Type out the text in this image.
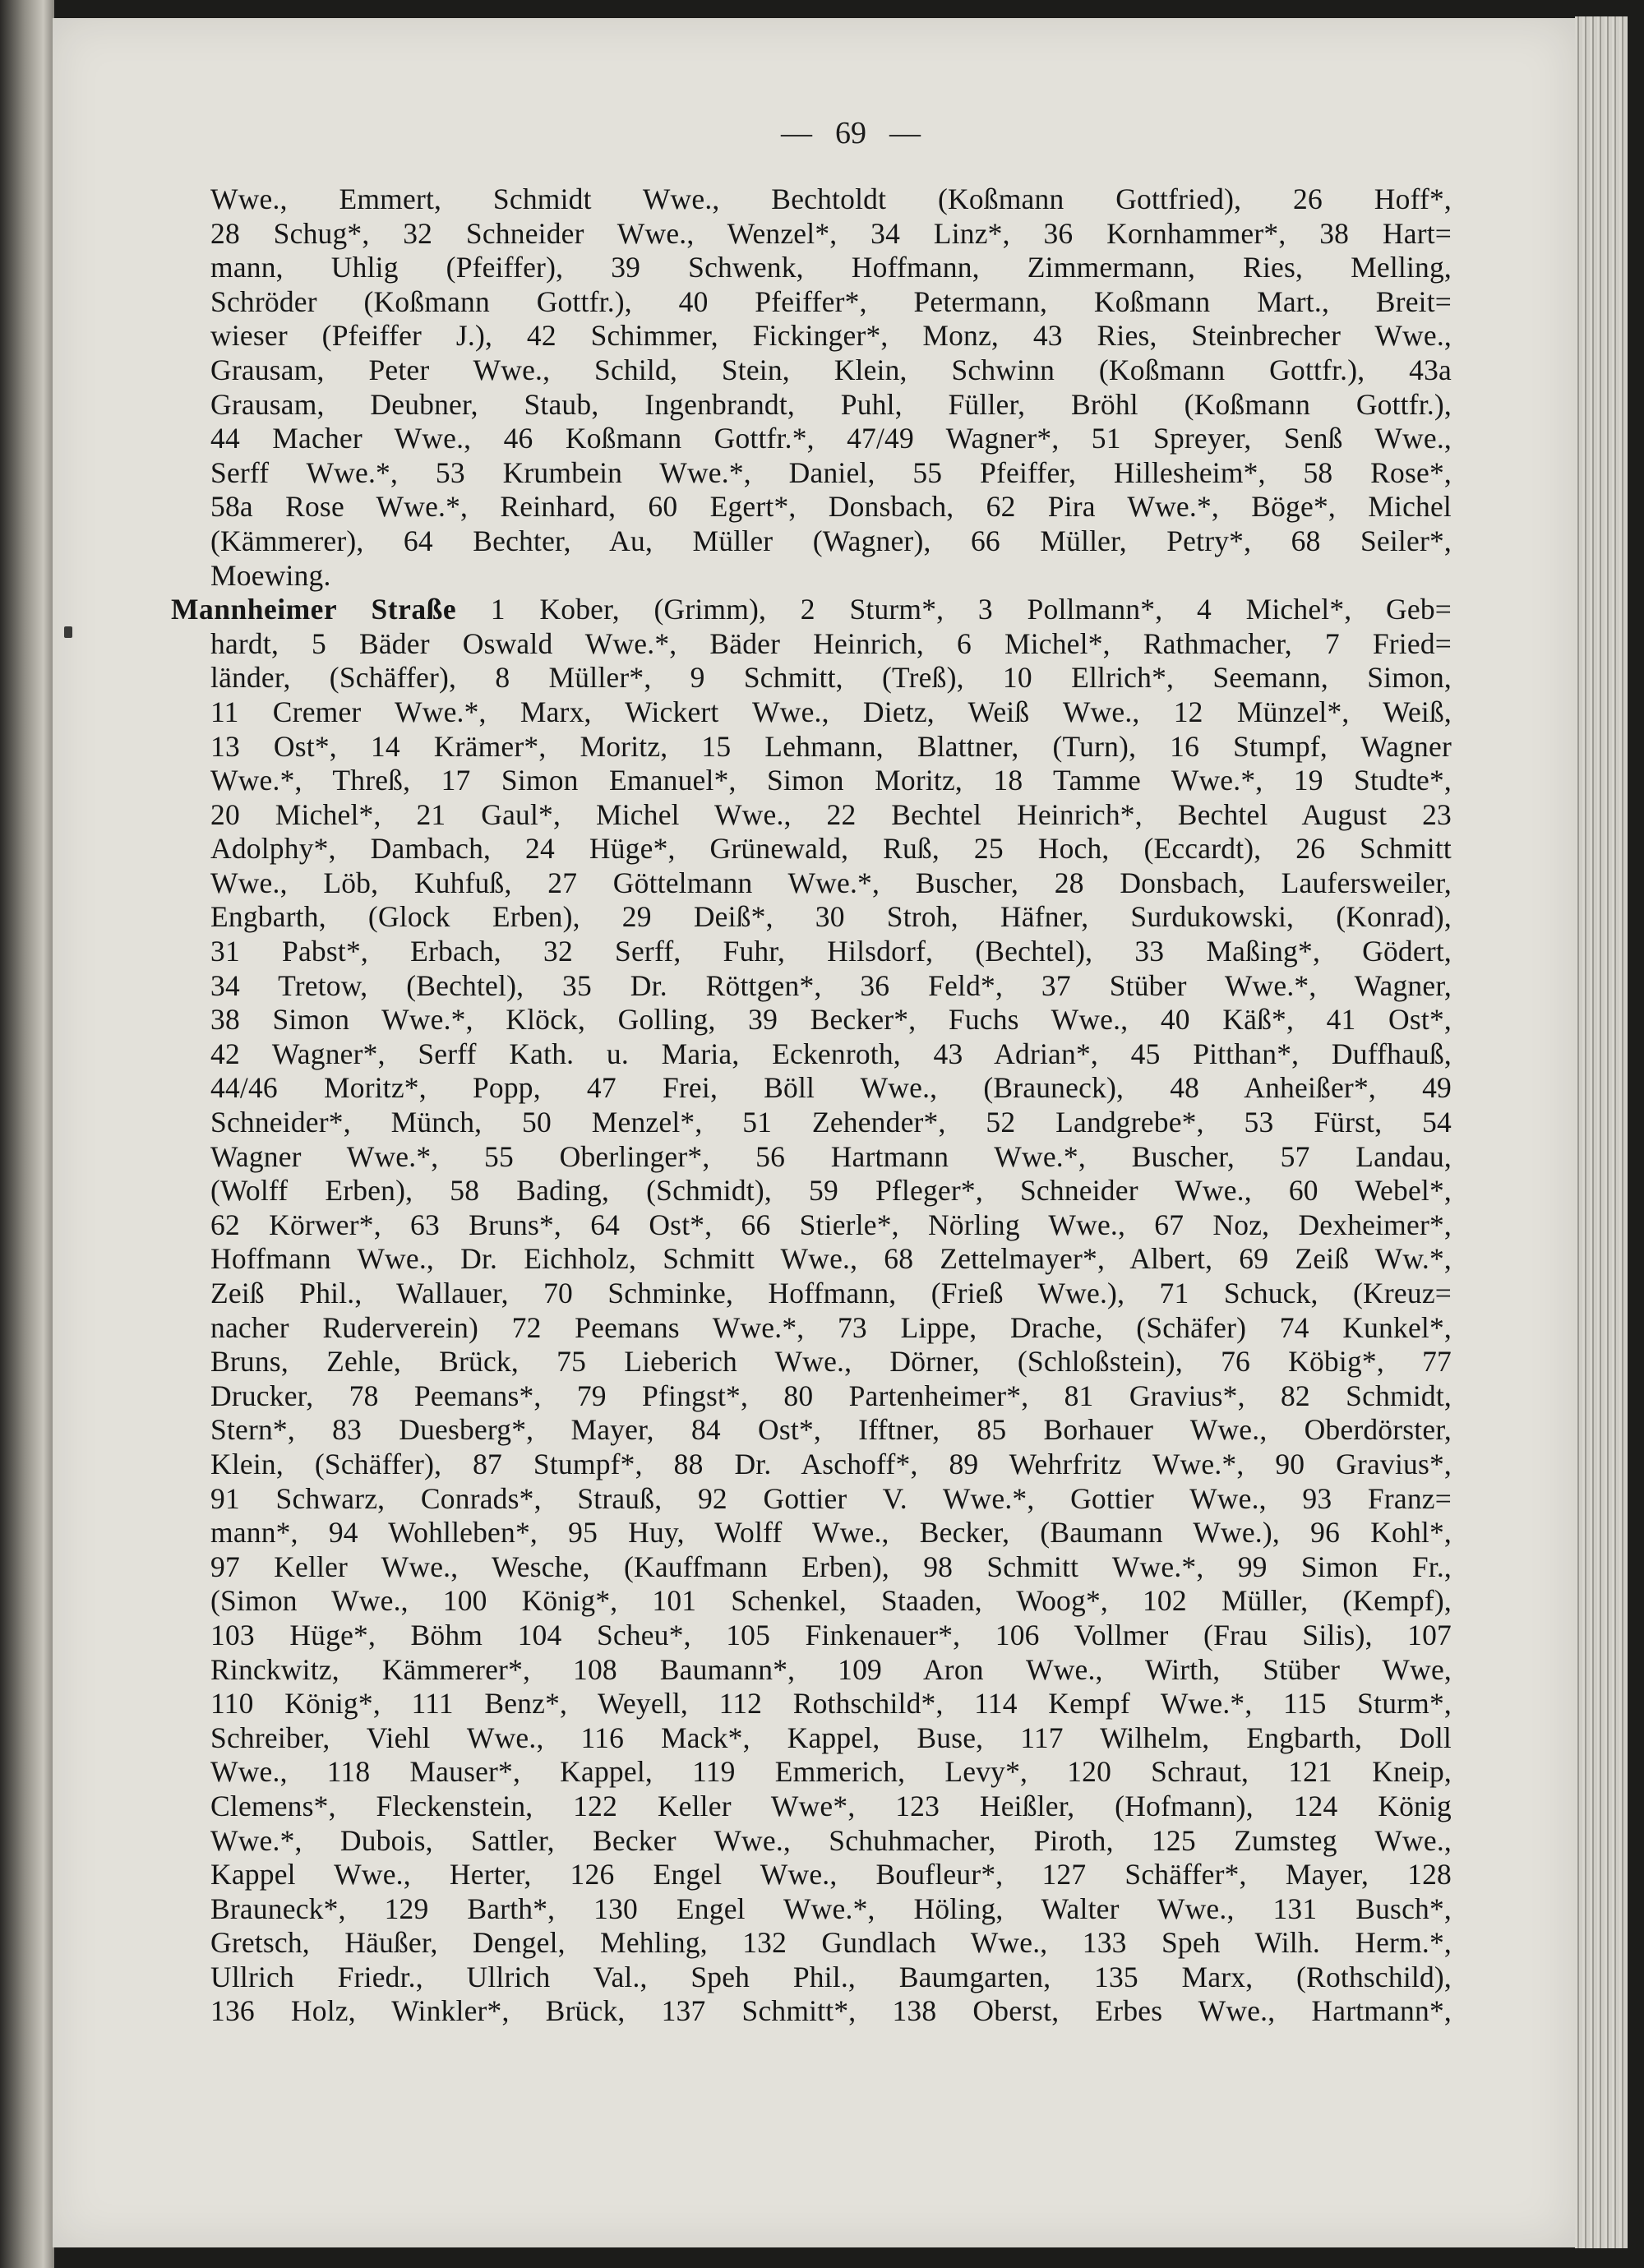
— 69 —
Wwe., Emmert, Schmidt Wwe., Bechtoldt (Koßmann Gottfried), 26 Hoff*,
28 Schug*, 32 Schneider Wwe., Wenzel*, 34 Linz*, 36 Kornhammer*, 38 Hart=
mann, Uhlig (Pfeiffer), 39 Schwenk, Hoffmann, Zimmermann, Ries, Melling,
Schröder (Koßmann Gottfr.), 40 Pfeiffer*, Petermann, Koßmann Mart., Breit=
wieser (Pfeiffer J.), 42 Schimmer, Fickinger*, Monz, 43 Ries, Steinbrecher Wwe.,
Grausam, Peter Wwe., Schild, Stein, Klein, Schwinn (Koßmann Gottfr.), 43a
Grausam, Deubner, Staub, Ingenbrandt, Puhl, Füller, Bröhl (Koßmann Gottfr.),
44 Macher Wwe., 46 Koßmann Gottfr.*, 47/49 Wagner*, 51 Spreyer, Senß Wwe.,
Serff Wwe.*, 53 Krumbein Wwe.*, Daniel, 55 Pfeiffer, Hillesheim*, 58 Rose*,
58a Rose Wwe.*, Reinhard, 60 Egert*, Donsbach, 62 Pira Wwe.*, Böge*, Michel
(Kämmerer), 64 Bechter, Au, Müller (Wagner), 66 Müller, Petry*, 68 Seiler*,
Moewing.
Mannheimer Straße 1 Kober, (Grimm), 2 Sturm*, 3 Pollmann*, 4 Michel*, Geb=
hardt, 5 Bäder Oswald Wwe.*, Bäder Heinrich, 6 Michel*, Rathmacher, 7 Fried=
länder, (Schäffer), 8 Müller*, 9 Schmitt, (Treß), 10 Ellrich*, Seemann, Simon,
11 Cremer Wwe.*, Marx, Wickert Wwe., Dietz, Weiß Wwe., 12 Münzel*, Weiß,
13 Ost*, 14 Krämer*, Moritz, 15 Lehmann, Blattner, (Turn), 16 Stumpf, Wagner
Wwe.*, Threß, 17 Simon Emanuel*, Simon Moritz, 18 Tamme Wwe.*, 19 Studte*,
20 Michel*, 21 Gaul*, Michel Wwe., 22 Bechtel Heinrich*, Bechtel August 23
Adolphy*, Dambach, 24 Hüge*, Grünewald, Ruß, 25 Hoch, (Eccardt), 26 Schmitt
Wwe., Löb, Kuhfuß, 27 Göttelmann Wwe.*, Buscher, 28 Donsbach, Laufersweiler,
Engbarth, (Glock Erben), 29 Deiß*, 30 Stroh, Häfner, Surdukowski, (Konrad),
31 Pabst*, Erbach, 32 Serff, Fuhr, Hilsdorf, (Bechtel), 33 Maßing*, Gödert,
34 Tretow, (Bechtel), 35 Dr. Röttgen*, 36 Feld*, 37 Stüber Wwe.*, Wagner,
38 Simon Wwe.*, Klöck, Golling, 39 Becker*, Fuchs Wwe., 40 Käß*, 41 Ost*,
42 Wagner*, Serff Kath. u. Maria, Eckenroth, 43 Adrian*, 45 Pitthan*, Duffhauß,
44/46 Moritz*, Popp, 47 Frei, Böll Wwe., (Brauneck), 48 Anheißer*, 49
Schneider*, Münch, 50 Menzel*, 51 Zehender*, 52 Landgrebe*, 53 Fürst, 54
Wagner Wwe.*, 55 Oberlinger*, 56 Hartmann Wwe.*, Buscher, 57 Landau,
(Wolff Erben), 58 Bading, (Schmidt), 59 Pfleger*, Schneider Wwe., 60 Webel*,
62 Körwer*, 63 Bruns*, 64 Ost*, 66 Stierle*, Nörling Wwe., 67 Noz, Dexheimer*,
Hoffmann Wwe., Dr. Eichholz, Schmitt Wwe., 68 Zettelmayer*, Albert, 69 Zeiß Ww.*,
Zeiß Phil., Wallauer, 70 Schminke, Hoffmann, (Frieß Wwe.), 71 Schuck, (Kreuz=
nacher Ruderverein) 72 Peemans Wwe.*, 73 Lippe, Drache, (Schäfer) 74 Kunkel*,
Bruns, Zehle, Brück, 75 Lieberich Wwe., Dörner, (Schloßstein), 76 Köbig*, 77
Drucker, 78 Peemans*, 79 Pfingst*, 80 Partenheimer*, 81 Gravius*, 82 Schmidt,
Stern*, 83 Duesberg*, Mayer, 84 Ost*, Ifftner, 85 Borhauer Wwe., Oberdörster,
Klein, (Schäffer), 87 Stumpf*, 88 Dr. Aschoff*, 89 Wehrfritz Wwe.*, 90 Gravius*,
91 Schwarz, Conrads*, Strauß, 92 Gottier V. Wwe.*, Gottier Wwe., 93 Franz=
mann*, 94 Wohlleben*, 95 Huy, Wolff Wwe., Becker, (Baumann Wwe.), 96 Kohl*,
97 Keller Wwe., Wesche, (Kauffmann Erben), 98 Schmitt Wwe.*, 99 Simon Fr.,
(Simon Wwe., 100 König*, 101 Schenkel, Staaden, Woog*, 102 Müller, (Kempf),
103 Hüge*, Böhm 104 Scheu*, 105 Finkenauer*, 106 Vollmer (Frau Silis), 107
Rinckwitz, Kämmerer*, 108 Baumann*, 109 Aron Wwe., Wirth, Stüber Wwe,
110 König*, 111 Benz*, Weyell, 112 Rothschild*, 114 Kempf Wwe.*, 115 Sturm*,
Schreiber, Viehl Wwe., 116 Mack*, Kappel, Buse, 117 Wilhelm, Engbarth, Doll
Wwe., 118 Mauser*, Kappel, 119 Emmerich, Levy*, 120 Schraut, 121 Kneip,
Clemens*, Fleckenstein, 122 Keller Wwe*, 123 Heißler, (Hofmann), 124 König
Wwe.*, Dubois, Sattler, Becker Wwe., Schuhmacher, Piroth, 125 Zumsteg Wwe.,
Kappel Wwe., Herter, 126 Engel Wwe., Boufleur*, 127 Schäffer*, Mayer, 128
Brauneck*, 129 Barth*, 130 Engel Wwe.*, Höling, Walter Wwe., 131 Busch*,
Gretsch, Häußer, Dengel, Mehling, 132 Gundlach Wwe., 133 Speh Wilh. Herm.*,
Ullrich Friedr., Ullrich Val., Speh Phil., Baumgarten, 135 Marx, (Rothschild),
136 Holz, Winkler*, Brück, 137 Schmitt*, 138 Oberst, Erbes Wwe., Hartmann*,
